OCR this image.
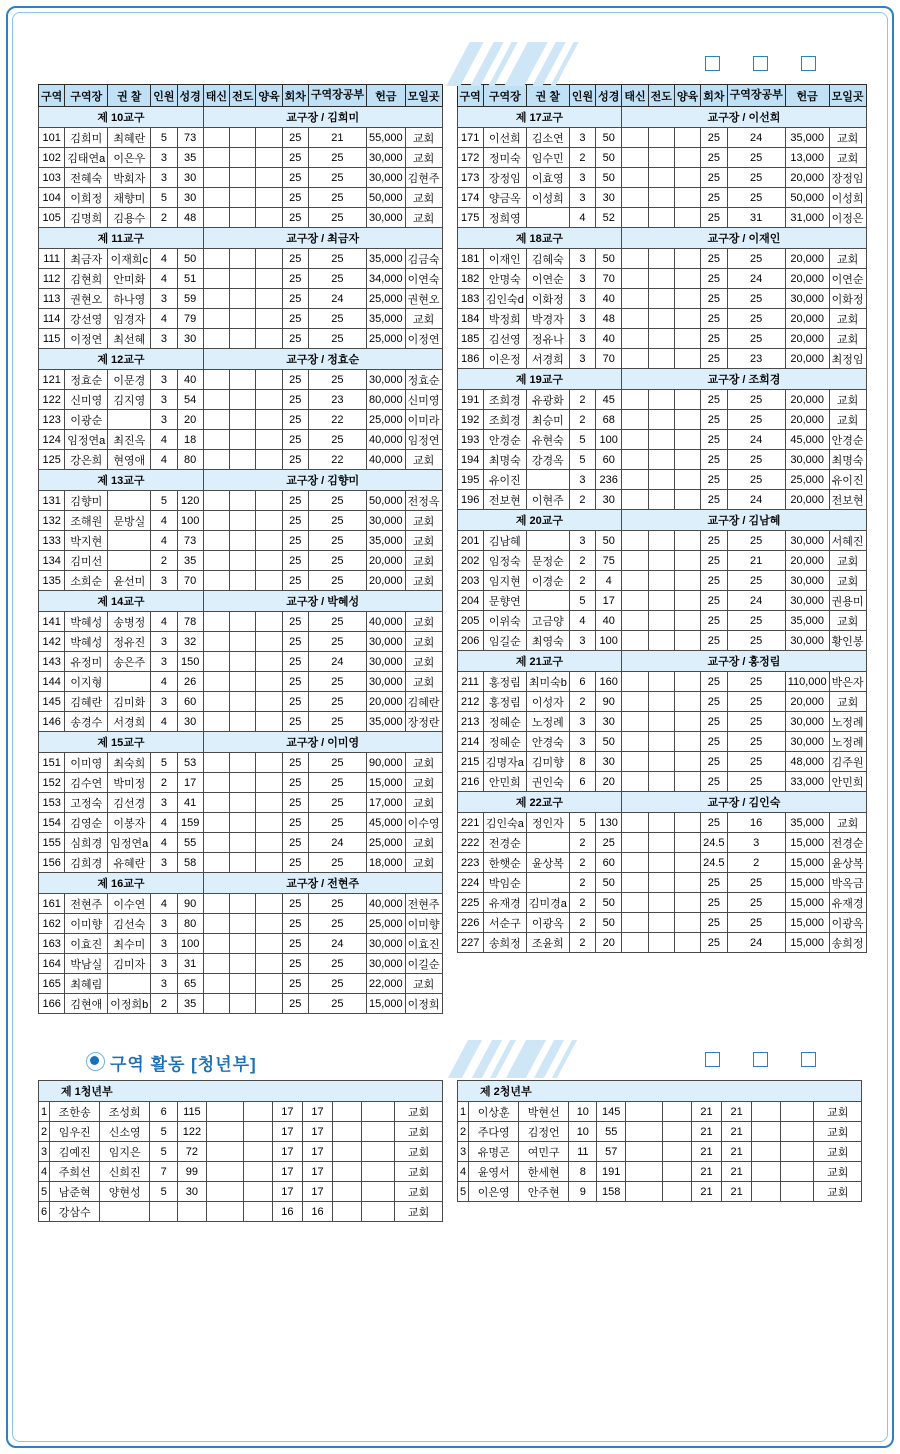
구역	구역장	권 찰	인원	성경	태신	전도	양육	회차	구역장공부	헌금	모일곳
제 10교구					교구장 / 김희미						
101	김희미	최혜란	5	73				25	21	55,000	교회
102	김태연a	이은우	3	35				25	25	30,000	교회
103	전혜숙	박회자	3	30				25	25	30,000	김현주
104	이희정	채향미	5	30				25	25	50,000	교회
105	김명희	김용수	2	48				25	25	30,000	교회
제 11교구					교구장 / 최금자						
111	최금자	이재희c	4	50				25	25	35,000	김금숙
112	김현희	안미화	4	51				25	25	34,000	이연숙
113	권현오	하나영	3	59				25	24	25,000	권현오
114	강선영	임경자	4	79				25	25	35,000	교회
115	이정연	최선혜	3	30				25	25	25,000	이정연
제 12교구					교구장 / 정효순						
121	정효순	이문경	3	40				25	25	30,000	정효순
122	신미영	김지영	3	54				25	23	80,000	신미영
123	이광순		3	20				25	22	25,000	이미라
124	임정연a	최진옥	4	18				25	25	40,000	임정연
125	강은희	현영애	4	80				25	22	40,000	교회
제 13교구					교구장 / 김향미						
131	김향미		5	120				25	25	50,000	전정옥
132	조해원	문방실	4	100				25	25	30,000	교회
133	박지현		4	73				25	25	35,000	교회
134	김미선		2	35				25	25	20,000	교회
135	소희순	윤선미	3	70				25	25	20,000	교회
제 14교구					교구장 / 박혜성						
141	박혜성	송병정	4	78				25	25	40,000	교회
142	박혜성	정유진	3	32				25	25	30,000	교회
143	유정미	송은주	3	150				25	24	30,000	교회
144	이지형		4	26				25	25	30,000	교회
145	김혜란	김미화	3	60				25	25	20,000	김혜란
146	송경수	서경희	4	30				25	25	35,000	장정란
제 15교구					교구장 / 이미영						
151	이미영	최숙희	5	53				25	25	90,000	교회
152	김수연	박미정	2	17				25	25	15,000	교회
153	고정숙	김선경	3	41				25	25	17,000	교회
154	김영순	이봉자	4	159				25	25	45,000	이수영
155	심희경	임정연a	4	55				25	24	25,000	교회
156	김희경	유혜란	3	58				25	25	18,000	교회
제 16교구					교구장 / 전현주						
161	전현주	이수연	4	90				25	25	40,000	전현주
162	이미향	김선숙	3	80				25	25	25,000	이미향
163	이효진	최수미	3	100				25	24	30,000	이효진
164	박남실	김미자	3	31				25	25	30,000	이길순
165	최혜림		3	65				25	25	22,000	교회
166	김현애	이정희b	2	35				25	25	15,000	이정희
구역	구역장	권 찰	인원	성경	태신	전도	양육	회차	구역장공부	헌금	모일곳
제 17교구					교구장 / 이선희						
171	이선희	김소연	3	50				25	24	35,000	교회
172	정미숙	임수민	2	50				25	25	13,000	교회
173	장정임	이효영	3	50				25	25	20,000	장정임
174	양금옥	이성희	3	30				25	25	50,000	이성희
175	정희영		4	52				25	31	31,000	이정은
제 18교구					교구장 / 이재인						
181	이재인	김혜숙	3	50				25	25	20,000	교회
182	안명숙	이연순	3	70				25	24	20,000	이연순
183	김인숙d	이화정	3	40				25	25	30,000	이화정
184	박정희	박경자	3	48				25	25	20,000	교회
185	김선영	정유나	3	40				25	25	20,000	교회
186	이은정	서경희	3	70				25	23	20,000	최정임
제 19교구					교구장 / 조희경						
191	조희경	유광화	2	45				25	25	20,000	교회
192	조희경	최승미	2	68				25	25	20,000	교회
193	안경순	유현숙	5	100				25	24	45,000	안경순
194	최명숙	강경옥	5	60				25	25	30,000	최명숙
195	유이진		3	236				25	25	25,000	유이진
196	전보현	이현주	2	30				25	24	20,000	전보현
제 20교구					교구장 / 김남혜						
201	김남혜		3	50				25	25	30,000	서혜진
202	임정숙	문정순	2	75				25	21	20,000	교회
203	임지현	이경순	2	4				25	25	30,000	교회
204	문향연		5	17				25	24	30,000	권용미
205	이위숙	고금양	4	40				25	25	35,000	교회
206	임길순	최영숙	3	100				25	25	30,000	황인봉
제 21교구					교구장 / 홍정림						
211	홍정림	최미숙b	6	160				25	25	110,000	박은자
212	홍정림	이성자	2	90				25	25	20,000	교회
213	정혜순	노정례	3	30				25	25	30,000	노정례
214	정혜순	안경숙	3	50				25	25	30,000	노정례
215	김명자a	김미향	8	30				25	25	48,000	김주원
216	안민희	권인숙	6	20				25	25	33,000	안민희
제 22교구					교구장 / 김인숙						
221	김인숙a	정인자	5	130				25	16	35,000	교회
222	전경순		2	25				24.5	3	15,000	전경순
223	한햇순	윤상복	2	60				24.5	2	15,000	윤상복
224	박임순		2	50				25	25	15,000	박옥금
225	유재경	김미경a	2	50				25	25	15,000	유재경
226	서순구	이광옥	2	50				25	25	15,000	이광옥
227	송희정	조윤희	2	20				25	24	15,000	송희정
구역 활동 [청년부]
제 1청년부											
1	조한송	조성희	6	115			17	17			교회
2	임우진	신소영	5	122			17	17			교회
3	김예진	임지은	5	72			17	17			교회
4	주희선	신희진	7	99			17	17			교회
5	남준혁	양현성	5	30			17	17			교회
6	강삼수						16	16			교회
제 2청년부											
1	이상훈	박현선	10	145			21	21			교회
2	주다영	김정언	10	55			21	21			교회
3	유명곤	여민구	11	57			21	21			교회
4	윤영서	한세현	8	191			21	21			교회
5	이은영	안주현	9	158			21	21			교회
